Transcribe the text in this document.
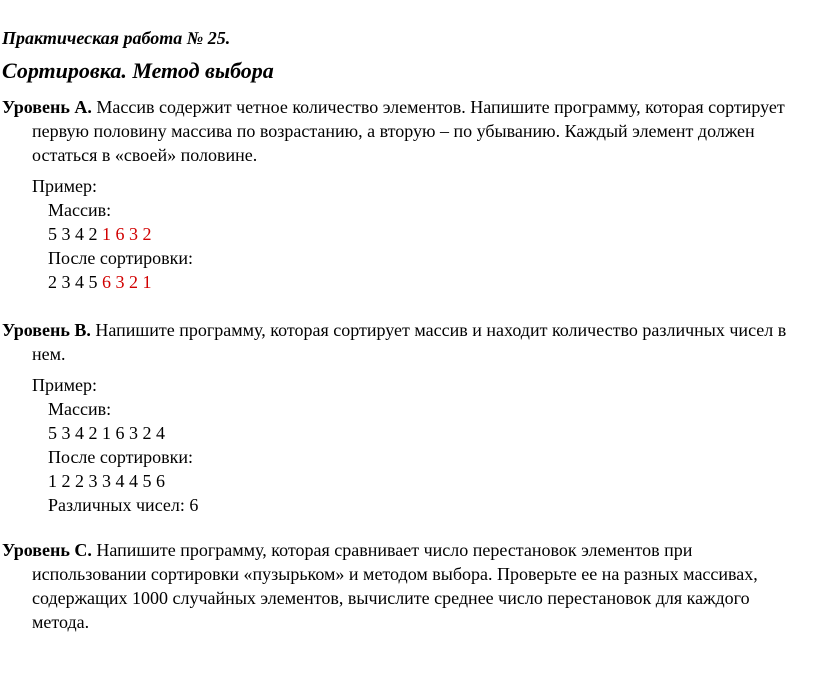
Практическая работа № 25.
Сортировка. Метод выбора
Уровень А. Массив содержит четное количество элементов. Напишите программу, которая сортирует первую половину массива по возрастанию, а вторую – по убыванию. Каждый элемент должен остаться в «своей» половине.
Пример:
Массив:
5 3 4 2 1 6 3 2
После сортировки:
2 3 4 5 6 3 2 1
Уровень B. Напишите программу, которая сортирует массив и находит количество различных чисел в нем.
Пример:
Массив:
5 3 4 2 1 6 3 2 4
После сортировки:
1 2 2 3 3 4 4 5 6
Различных чисел: 6
Уровень C. Напишите программу, которая сравнивает число перестановок элементов при использовании сортировки «пузырьком» и методом выбора. Проверьте ее на разных массивах, содержащих 1000 случайных элементов, вычислите среднее число перестановок для каждого метода.
